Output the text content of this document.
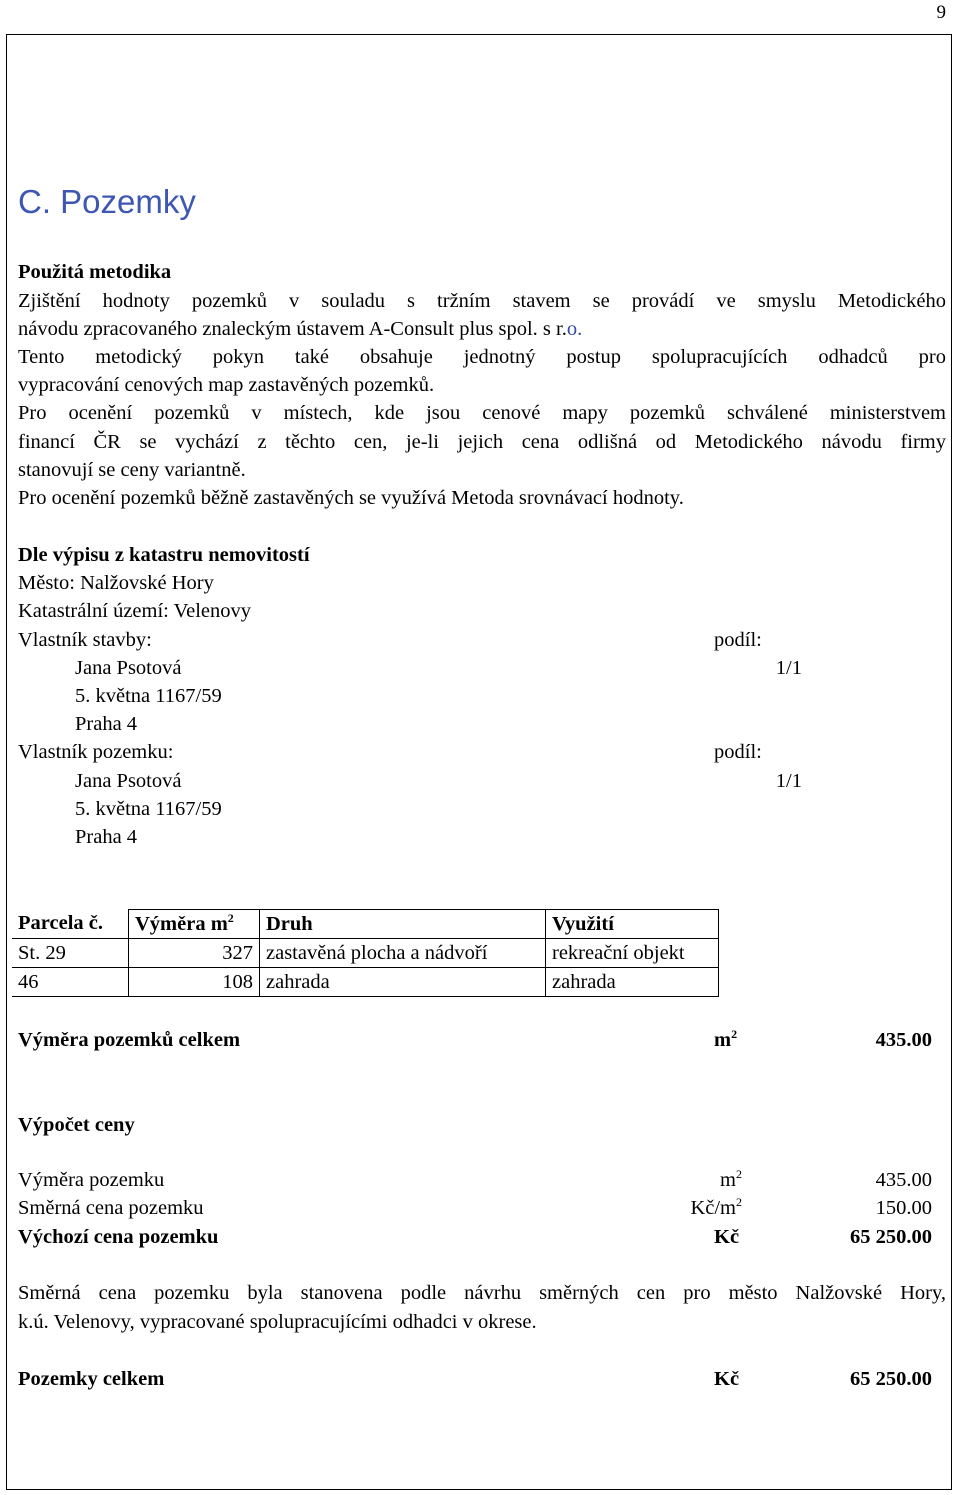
9
C. Pozemky
Použitá metodika
Zjištění hodnoty pozemků v souladu s tržním stavem se provádí ve smyslu Metodického
návodu zpracovaného znaleckým ústavem A-Consult plus spol. s r.o.
Tento metodický pokyn také obsahuje jednotný postup spolupracujících odhadců pro
vypracování cenových map zastavěných pozemků.
Pro ocenění pozemků v místech, kde jsou cenové mapy pozemků schválené ministerstvem
financí ČR se vychází z těchto cen, je-li jejich cena odlišná od Metodického návodu firmy
stanovují se ceny variantně.
Pro ocenění pozemků běžně zastavěných se využívá Metoda srovnávací hodnoty.
Dle výpisu z katastru nemovitostí
Město: Nalžovské Hory
Katastrální území: Velenovy
Vlastník stavby:	podíl:
Jana Psotová	1/1
5. května 1167/59
Praha 4
Vlastník pozemku:	podíl:
Jana Psotová	1/1
5. května 1167/59
Praha 4
Parcela č.	Výměra $m^2$	Druh	Využití
St. 29	327	zastavěná plocha a nádvoří	rekreační objekt
46	108	zahrada	zahrada
Výměra pozemků celkem	$m^2$	435.00
Výpočet ceny
Výměra pozemku	$m^2$	435.00
Směrná cena pozemku	$Kč/m^2$	150.00
Výchozí cena pozemku	Kč	65 250.00
Směrná cena pozemku byla stanovena podle návrhu směrných cen pro město Nalžovské Hory,
k.ú. Velenovy, vypracované spolupracujícími odhadci v okrese.
Pozemky celkem	Kč	65 250.00
